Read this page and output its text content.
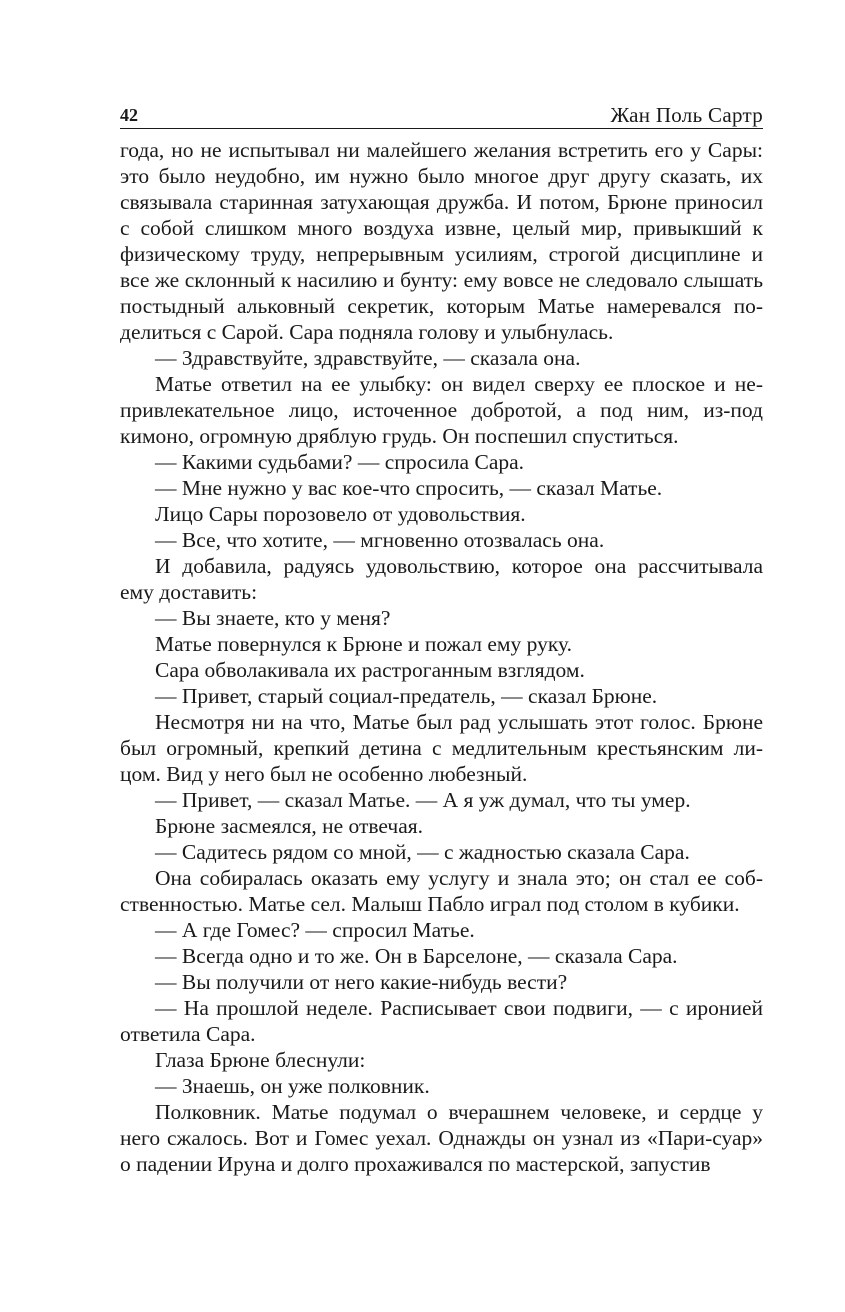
42	Жан Поль Сартр

года, но не испытывал ни малейшего желания встретить его у Сары: это было неудобно, им нужно было многое друг другу сказать, их связывала старинная затухающая дружба. И потом, Брюне приносил с собой слишком много воздуха извне, целый мир, привыкший к физическому труду, непрерывным усилиям, строгой дисциплине и все же склонный к насилию и бунту: ему вовсе не следовало слышать постыдный альковный секретик, которым Матье намеревался поделиться с Сарой. Сара подняла голову и улыбнулась.

— Здравствуйте, здравствуйте, — сказала она.

Матье ответил на ее улыбку: он видел сверху ее плоское и непривлекательное лицо, источенное добротой, а под ним, из-под кимоно, огромную дряблую грудь. Он поспешил спуститься.

— Какими судьбами? — спросила Сара.

— Мне нужно у вас кое-что спросить, — сказал Матье.

Лицо Сары порозовело от удовольствия.

— Все, что хотите, — мгновенно отозвалась она.

И добавила, радуясь удовольствию, которое она рассчитывала ему доставить:

— Вы знаете, кто у меня?

Матье повернулся к Брюне и пожал ему руку.

Сара обволакивала их растроганным взглядом.

— Привет, старый социал-предатель, — сказал Брюне.

Несмотря ни на что, Матье был рад услышать этот голос. Брюне был огромный, крепкий детина с медлительным крестьянским лицом. Вид у него был не особенно любезный.

— Привет, — сказал Матье. — А я уж думал, что ты умер.

Брюне засмеялся, не отвечая.

— Садитесь рядом со мной, — с жадностью сказала Сара.

Она собиралась оказать ему услугу и знала это; он стал ее собственностью. Матье сел. Малыш Пабло играл под столом в кубики.

— А где Гомес? — спросил Матье.

— Всегда одно и то же. Он в Барселоне, — сказала Сара.

— Вы получили от него какие-нибудь вести?

— На прошлой неделе. Расписывает свои подвиги, — с иронией ответила Сара.

Глаза Брюне блеснули:

— Знаешь, он уже полковник.

Полковник. Матье подумал о вчерашнем человеке, и сердце у него сжалось. Вот и Гомес уехал. Однажды он узнал из «Пари-суар» о падении Ируна и долго прохаживался по мастерской, запустив
